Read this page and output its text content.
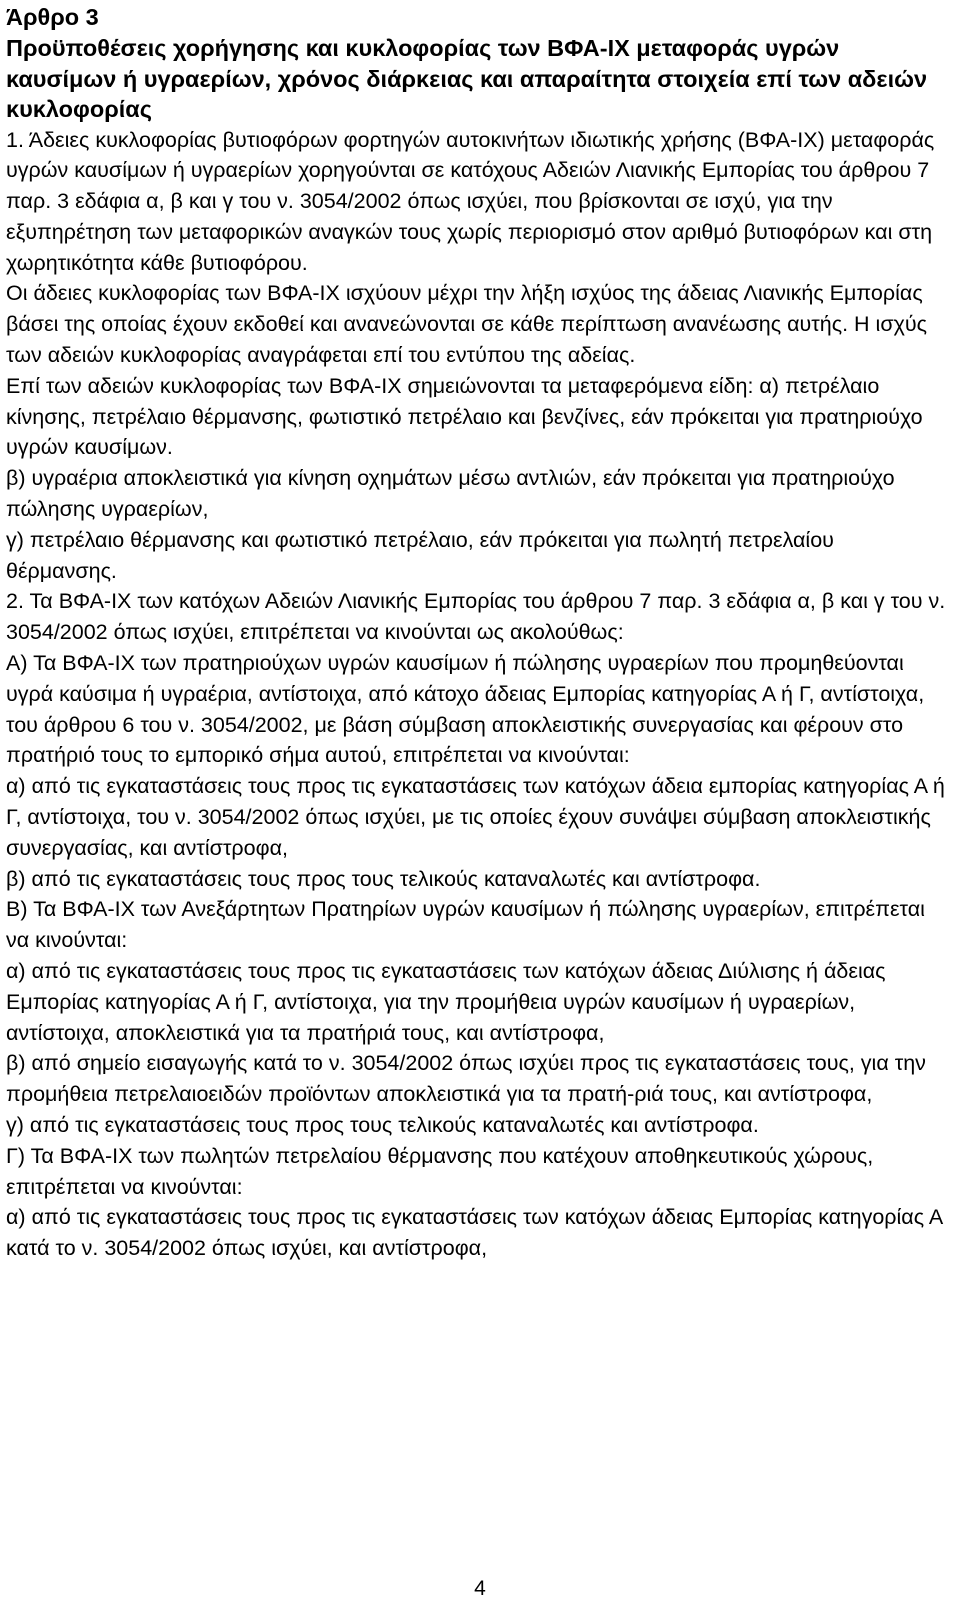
Άρθρο 3
Προϋποθέσεις χορήγησης και κυκλοφορίας των ΒΦΑ-ΙΧ μεταφοράς υγρών καυσίμων ή υγραερίων, χρόνος διάρκειας και απαραίτητα στοιχεία επί των αδειών κυκλοφορίας

1. Άδειες κυκλοφορίας βυτιοφόρων φορτηγών αυτοκινήτων ιδιωτικής χρήσης (ΒΦΑ-ΙΧ) μεταφοράς υγρών καυσίμων ή υγραερίων χορηγούνται σε κατόχους Αδειών Λιανικής Εμπορίας του άρθρου 7 παρ. 3 εδάφια α, β και γ του ν. 3054/2002 όπως ισχύει, που βρίσκονται σε ισχύ, για την εξυπηρέτηση των μεταφορικών αναγκών τους χωρίς περιορισμό στον αριθμό βυτιοφόρων και στη χωρητικότητα κάθε βυτιοφόρου.

Οι άδειες κυκλοφορίας των ΒΦΑ-ΙΧ ισχύουν μέχρι την λήξη ισχύος της άδειας Λιανικής Εμπορίας βάσει της οποίας έχουν εκδοθεί και ανανεώνονται σε κάθε περίπτωση ανανέωσης αυτής. Η ισχύς των αδειών κυκλοφορίας αναγράφεται επί του εντύπου της αδείας.

Επί των αδειών κυκλοφορίας των ΒΦΑ-ΙΧ σημειώνονται τα μεταφερόμενα είδη: α) πετρέλαιο κίνησης, πετρέλαιο θέρμανσης, φωτιστικό πετρέλαιο και βενζίνες, εάν πρόκειται για πρατηριούχο υγρών καυσίμων.

β) υγραέρια αποκλειστικά για κίνηση οχημάτων μέσω αντλιών, εάν πρόκειται για πρατηριούχο πώλησης υγραερίων,

γ) πετρέλαιο θέρμανσης και φωτιστικό πετρέλαιο, εάν πρόκειται για πωλητή πετρελαίου θέρμανσης.

2. Τα ΒΦΑ-ΙΧ των κατόχων Αδειών Λιανικής Εμπορίας του άρθρου 7 παρ. 3 εδάφια α, β και γ του ν. 3054/2002 όπως ισχύει, επιτρέπεται να κινούνται ως ακολούθως:

Α) Τα ΒΦΑ-ΙΧ των πρατηριούχων υγρών καυσίμων ή πώλησης υγραερίων που προμηθεύονται υγρά καύσιμα ή υγραέρια, αντίστοιχα, από κάτοχο άδειας Εμπορίας κατηγορίας Α ή Γ, αντίστοιχα, του άρθρου 6 του ν. 3054/2002, με βάση σύμβαση αποκλειστικής συνεργασίας και φέρουν στο πρατήριό τους το εμπορικό σήμα αυτού, επιτρέπεται να κινούνται:

α) από τις εγκαταστάσεις τους προς τις εγκαταστάσεις των κατόχων άδεια εμπορίας κατηγορίας Α ή Γ, αντίστοιχα, του ν. 3054/2002 όπως ισχύει, με τις οποίες έχουν συνάψει σύμβαση αποκλειστικής συνεργασίας, και αντίστροφα,

β) από τις εγκαταστάσεις τους προς τους τελικούς καταναλωτές και αντίστροφα.

Β) Τα ΒΦΑ-ΙΧ των Ανεξάρτητων Πρατηρίων υγρών καυσίμων ή πώλησης υγραερίων, επιτρέπεται να κινούνται:

α) από τις εγκαταστάσεις τους προς τις εγκαταστάσεις των κατόχων άδειας Διύλισης ή άδειας Εμπορίας κατηγορίας Α ή Γ, αντίστοιχα, για την προμήθεια υγρών καυσίμων ή υγραερίων, αντίστοιχα, αποκλειστικά για τα πρατήριά τους, και αντίστροφα,

β) από σημείο εισαγωγής κατά το ν. 3054/2002 όπως ισχύει προς τις εγκαταστάσεις τους, για την προμήθεια πετρελαιοειδών προϊόντων αποκλειστικά για τα πρατή-ριά τους, και αντίστροφα,

γ) από τις εγκαταστάσεις τους προς τους τελικούς καταναλωτές και αντίστροφα.

Γ) Τα ΒΦΑ-ΙΧ των πωλητών πετρελαίου θέρμανσης που κατέχουν αποθηκευτικούς χώρους, επιτρέπεται να κινούνται:

α) από τις εγκαταστάσεις τους προς τις εγκαταστάσεις των κατόχων άδειας Εμπορίας κατηγορίας Α κατά το ν. 3054/2002 όπως ισχύει, και αντίστροφα,

4
